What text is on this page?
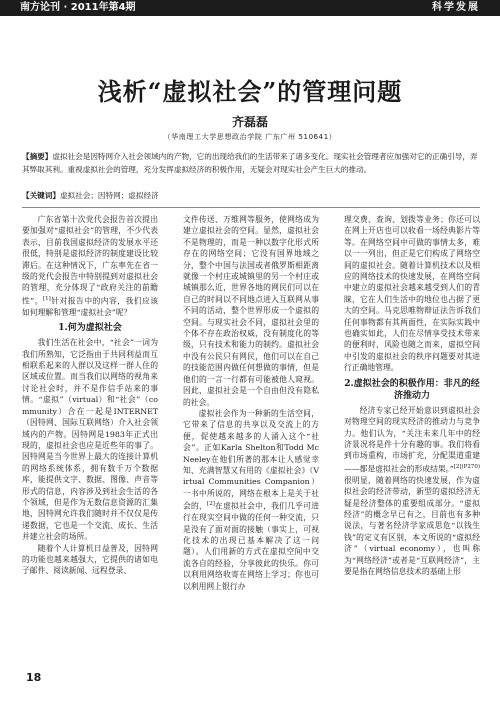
南方论刊 · 2011年第4期	科学发展
浅析“虚拟社会”的管理问题
齐磊磊
（华南理工大学思想政治学院 广东广州 510641）
【摘要】虚拟社会是因特网介入社会领域内的产物，它的出现给我们的生活带来了诸多变化。现实社会管理者应加强对它的正确引导，弄其弊取其利。重视虚拟社会的管理，充分发挥虚拟经济的积极作用，无疑会对现实社会产生巨大的推动。
【关键词】虚拟社会；因特网；虚拟经济

广东省第十次党代会报告首次提出要加强对“虚拟社会”的管理，不少代表表示，目前我国虚拟经济的发展水平还很低，特别是虚拟经济的制度建设比较滞后。在这种情况下，广东率先在省一级的党代会报告中特别提到对虚拟社会的管理，充分体现了“政府关注的前瞻性”。[1]针对报告中的内容，我们应该如何理解和管理“虚拟社会”呢？

1.何为虚拟社会

我们生活在社会中，“社会”一词为我们所熟知，它泛指由于共同利益而互相联系起来的人群以及这样一群人住的区域或位置。而当我们以网络的视角来讨论社会时，并不是作信手站来的事情。“虚拟”（virtual）和“社会”（community）合在一起是INTERNET（因特网、国际互联网络）介入社会领域内的产物。因特网是1983年正式出现的，虚拟社会也应是近些年的事了。因特网是当今世界上最大的连接计算机的网络系统体系，拥有数千万个数据库，能提供文字、数据、图像、声音等形式的信息，内容涉及到社会生活的各个领域，但是作为无数信息资源的汇集地，因特网允许我们随时并不仅仅是传递数据，它也是一个交流、成长、生活并建立社会的场所。

随着个人计算机日益普及，因特网的功能也越来越强大，它提供的诸如电子邮件、阅读新闻、远程登录、

文件传送、万维网等服务，使网络成为建立虚拟社会的空间。显然，虚拟社会不是物理的，而是一种以数字化形式所存在的网络空间；它没有国界地域之分，整个中国与法国或者俄罗斯相距离就像一个村庄或城镇里的另一个村庄或城镇那么近，世界各地的网民们可以在自己的时间以不同地点进入互联网从事不同的活动，整个世界形成一个虚拟的空间。与现实社会不同，虚拟社会里的个体不存在政治权威，没有制度化的等级，只有技术和能力的制约。虚拟社会中没有公民只有网民，他们可以在自己的技能范围内做任何想做的事情，但是他们的一言一行都有可能被他人窥视。因此，虚拟社会是一个自由但没有隐私的社会。

虚拟社会作为一种新的生活空间，它带来了信息的共享以及交流上的方便，促使越来越多的人涌入这个“社会”。正如Karla Shelton和Todd McNeeley在他们所著的那本让人感觉幸知、充满智慧又有用的《虚拟社会》（Virtual Communities Companion）一书中所说的，网络在根本上是关于社会的，[2]在虚拟社会中，我们几乎可进行在现实空间中做的任何一种交流，只是没有了面对面的接触（事实上，可视化技术的出现已基本解决了这一问题）。人们用新的方式在虚拟空间中交流各自的经验，分享彼此的快乐。你可以利用网络收寄在网络上学习；你也可以利用网上银行办

理交费、查询、划拨等业务；你还可以在网上开店也可以收看一场经典影片等等。在网络空间中可做的事情太多，难以一一列出，但正是它们构成了网络空间的虚拟社会。随着计算机技术以及相应的网络技术的快速发展，在网络空间中建立的虚拟社会越来越受到人们的青睐，它在人们生活中的地位也占据了更大的空间。马克思唯物辩证法告诉我们任何事物都有其两面性，在实际实践中也确实如此，人们在尽情享受技术带来的便利时，风险也随之而来，虚拟空间中引发的虚拟社会的秩序问题要对其进行正确地管理。

2.虚拟社会的积极作用：非凡的经济推动力

经济专家已经开始意识到虚拟社会对物理空间的现实经济的推动力与竞争力。他们认为，“关注未来几年中的经济景况将是件十分有趣的事。我们将看到市场重构，市场扩充，分配渠道重建——都是虚拟社会的形成结果。”$^{[2](P270)}$很明显，随着网络的快速发展，作为虚拟社会的经济带动，新型的虚拟经济无疑是经济整体的重要组成部分。“虚拟经济”的概念早已有之，目前也有多种说法，与著名经济学家成思危“以钱生钱”的定义有区别，本文所说的“虚拟经济”（virtual economy），也叫称为“网络经济”或者是“互联网经济”，主要是指在网络信息技术的基础上形

18
